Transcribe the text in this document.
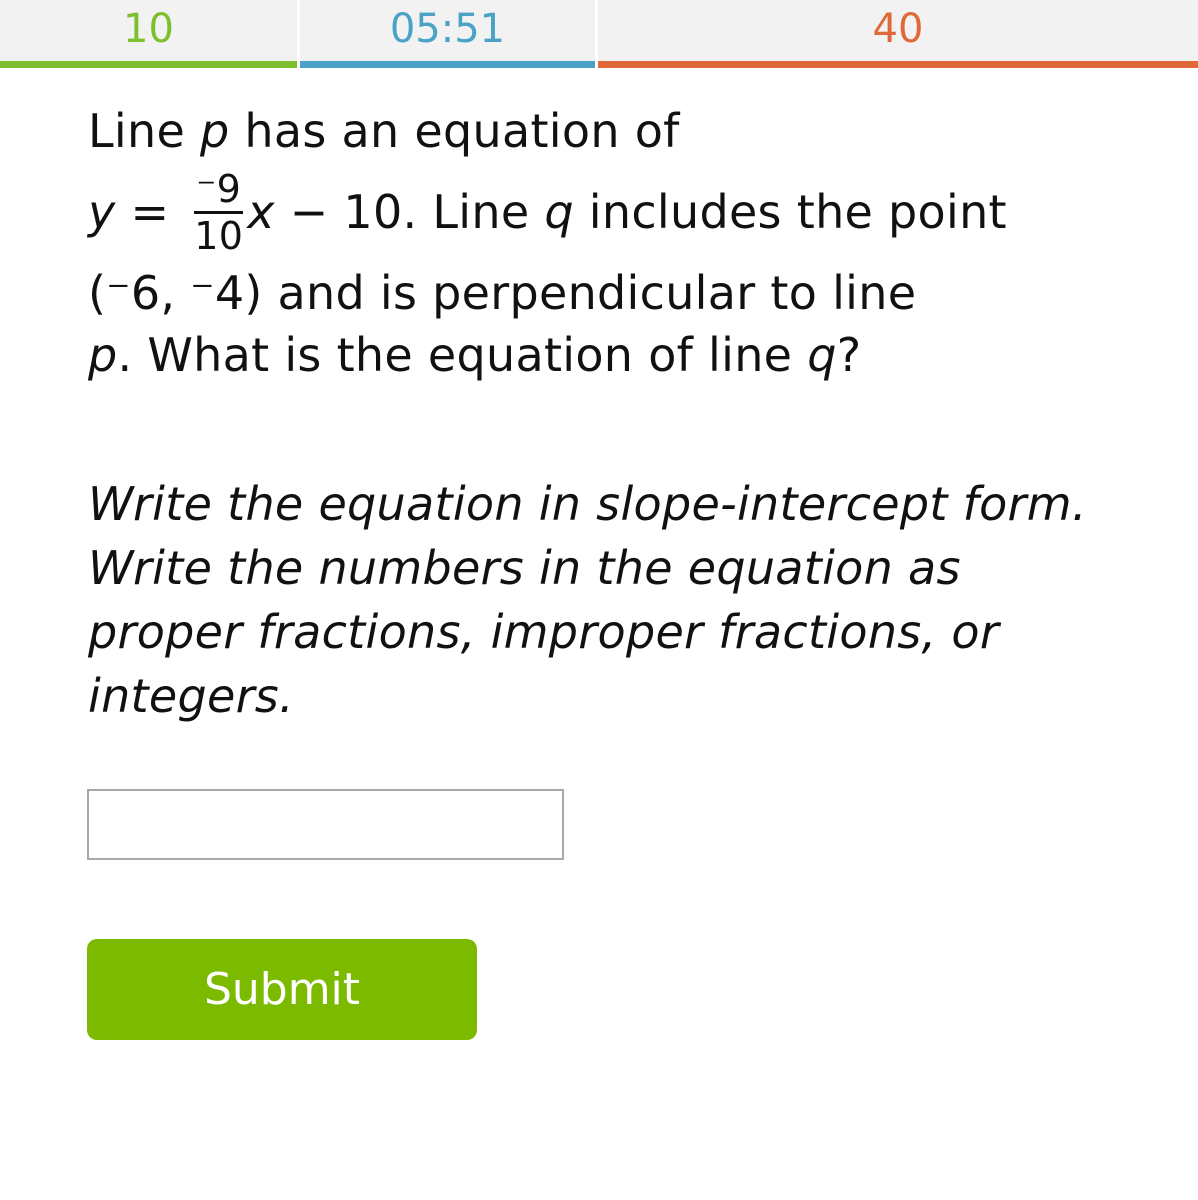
10	05:51	40
Line p has an equation of
$y = \frac{^-9}{10}$ x − 10. Line q includes the point
(⁻6, ⁻4) and is perpendicular to line
p. What is the equation of line q?
Write the equation in slope-intercept form.
Write the numbers in the equation as
proper fractions, improper fractions, or
integers.
Submit
